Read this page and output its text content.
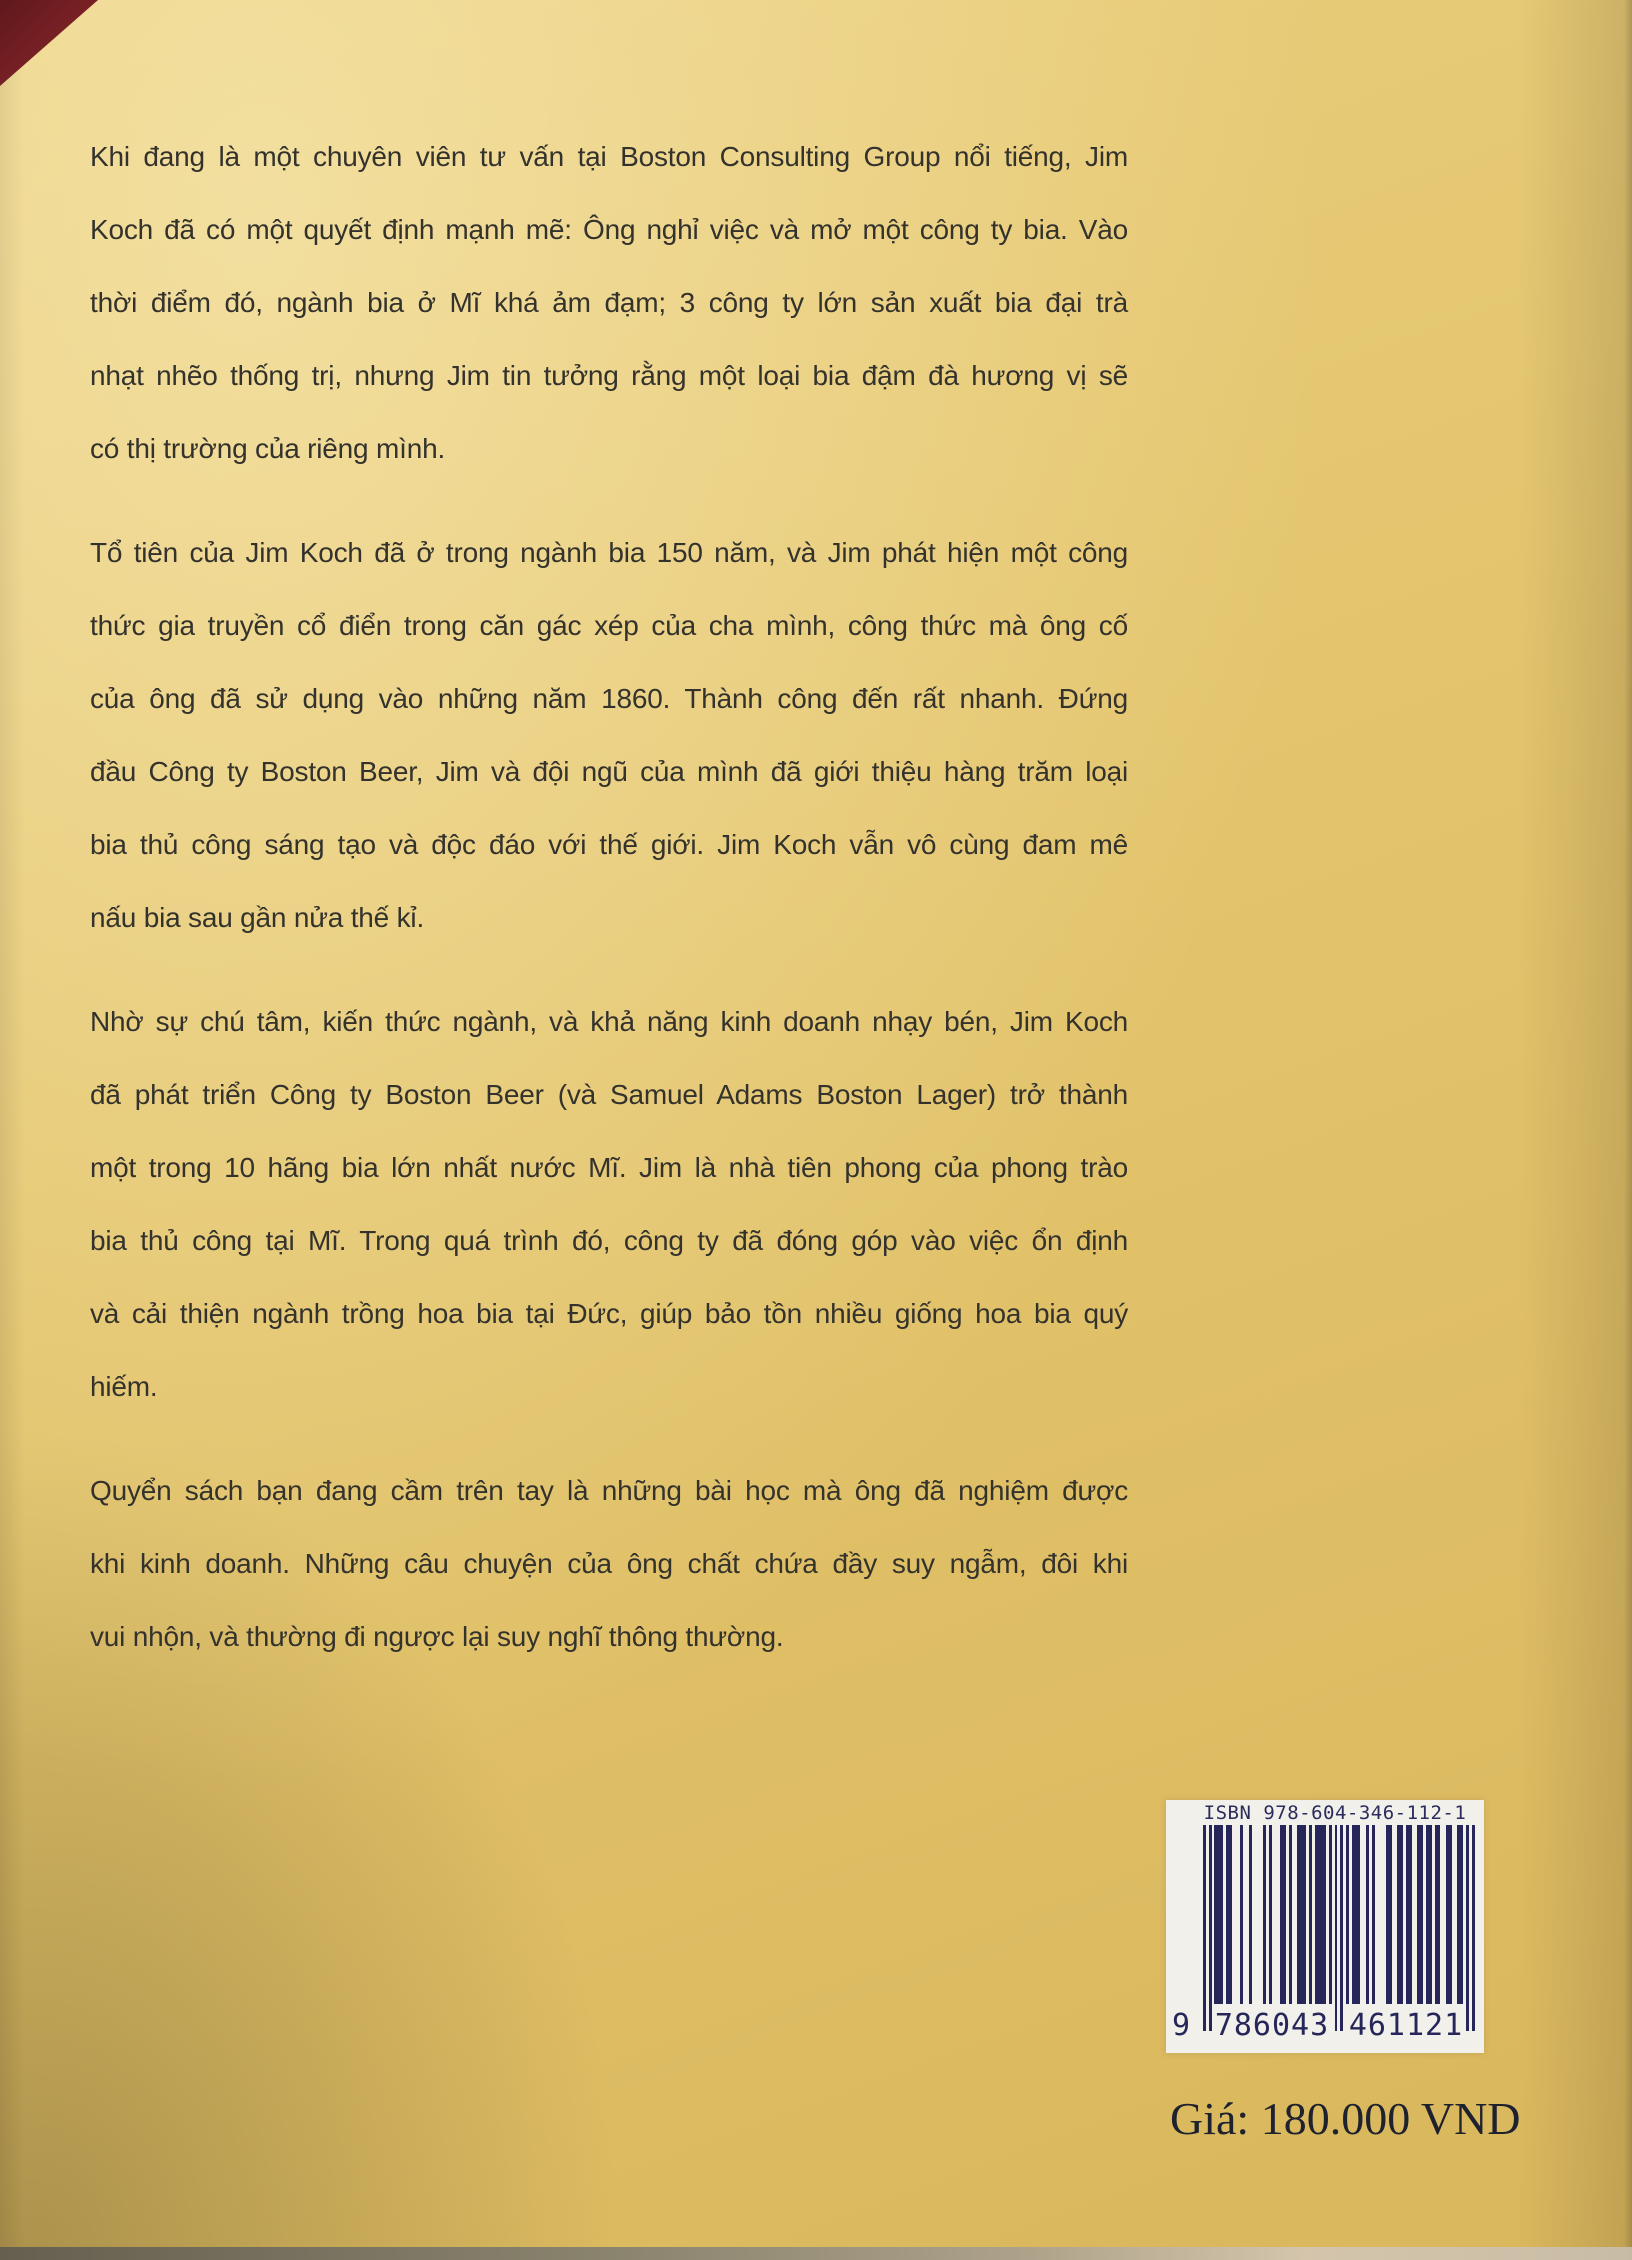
Khi đang là một chuyên viên tư vấn tại Boston Consulting Group nổi tiếng, Jim
Koch đã có một quyết định mạnh mẽ: Ông nghỉ việc và mở một công ty bia. Vào
thời điểm đó, ngành bia ở Mĩ khá ảm đạm; 3 công ty lớn sản xuất bia đại trà
nhạt nhẽo thống trị, nhưng Jim tin tưởng rằng một loại bia đậm đà hương vị sẽ
có thị trường của riêng mình.
Tổ tiên của Jim Koch đã ở trong ngành bia 150 năm, và Jim phát hiện một công
thức gia truyền cổ điển trong căn gác xép của cha mình, công thức mà ông cố
của ông đã sử dụng vào những năm 1860. Thành công đến rất nhanh. Đứng
đầu Công ty Boston Beer, Jim và đội ngũ của mình đã giới thiệu hàng trăm loại
bia thủ công sáng tạo và độc đáo với thế giới. Jim Koch vẫn vô cùng đam mê
nấu bia sau gần nửa thế kỉ.
Nhờ sự chú tâm, kiến thức ngành, và khả năng kinh doanh nhạy bén, Jim Koch
đã phát triển Công ty Boston Beer (và Samuel Adams Boston Lager) trở thành
một trong 10 hãng bia lớn nhất nước Mĩ. Jim là nhà tiên phong của phong trào
bia thủ công tại Mĩ. Trong quá trình đó, công ty đã đóng góp vào việc ổn định
và cải thiện ngành trồng hoa bia tại Đức, giúp bảo tồn nhiều giống hoa bia quý
hiếm.
Quyển sách bạn đang cầm trên tay là những bài học mà ông đã nghiệm được
khi kinh doanh. Những câu chuyện của ông chất chứa đầy suy ngẫm, đôi khi
vui nhộn, và thường đi ngược lại suy nghĩ thông thường.
ISBN 978-604-346-112-1
9 786043 461121
Giá: 180.000 VND
